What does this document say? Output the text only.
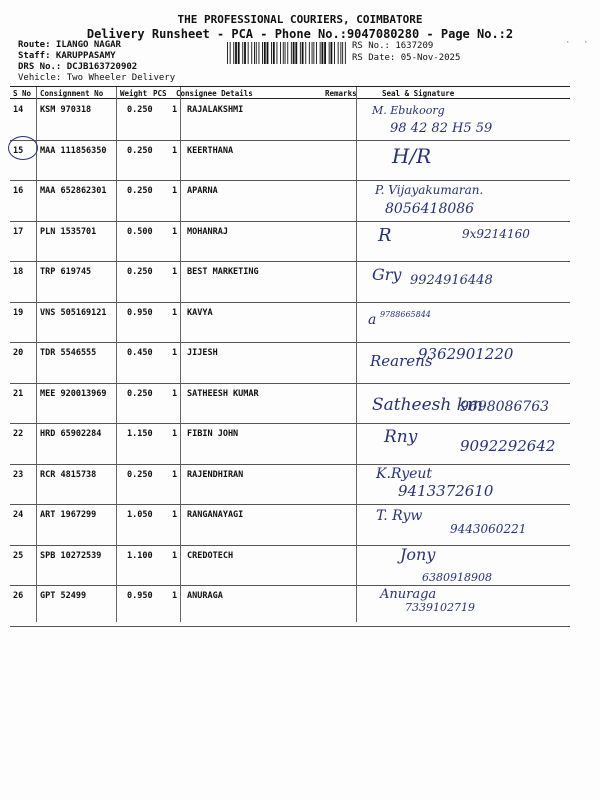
THE PROFESSIONAL COURIERS, COIMBATORE
Delivery Runsheet - PCA - Phone No.:9047080280 - Page No.:2
Route: ILANGO NAGAR
Staff: KARUPPASAMY
DRS No.: DCJB163720902
Vehicle: Two Wheeler Delivery
RS No.: 1637209
RS Date: 05-Nov-2025
· ·
S No Consignment No Weight PCS Consignee Details	Remarks	Seal & Signature
14 KSM 970318	0.250 1 RAJALAKSHMI	M. Ebukoorg
98 42 82 H5 59
15 MAA 111856350 0.250 1 KEERTHANA	H/R
16 MAA 652862301 0.250 1 APARNA	P. Vijayakumaran.
8056418086
17 PLN 1535701	0.500 1 MOHANRAJ	R	9x9214160
18 TRP 619745	0.250 1 BEST MARKETING	Gry 9924916448
19 VNS 505169121 0.950 1 KAVYA	a 9788665844
20 TDR 5546555	0.450 1 JIJESH	Rearens
9362901220
21 MEE 920013969 0.250 1 SATHEESH KUMAR
Satheesh km
9698086763
22 HRD 65902284	1.150 1 FIBIN JOHN	Rny	9092292642
23 RCR 4815738	0.250 1 RAJENDHIRAN	K.Ryeut
9413372610
24 ART 1967299	1.050 1 RANGANAYAGI	T. Ryw
9443060221
25 SPB 10272539	1.100 1 CREDOTECH	Jony
6380918908
26 GPT 52499	0.950 1 ANURAGA	Anuraga
7339102719
